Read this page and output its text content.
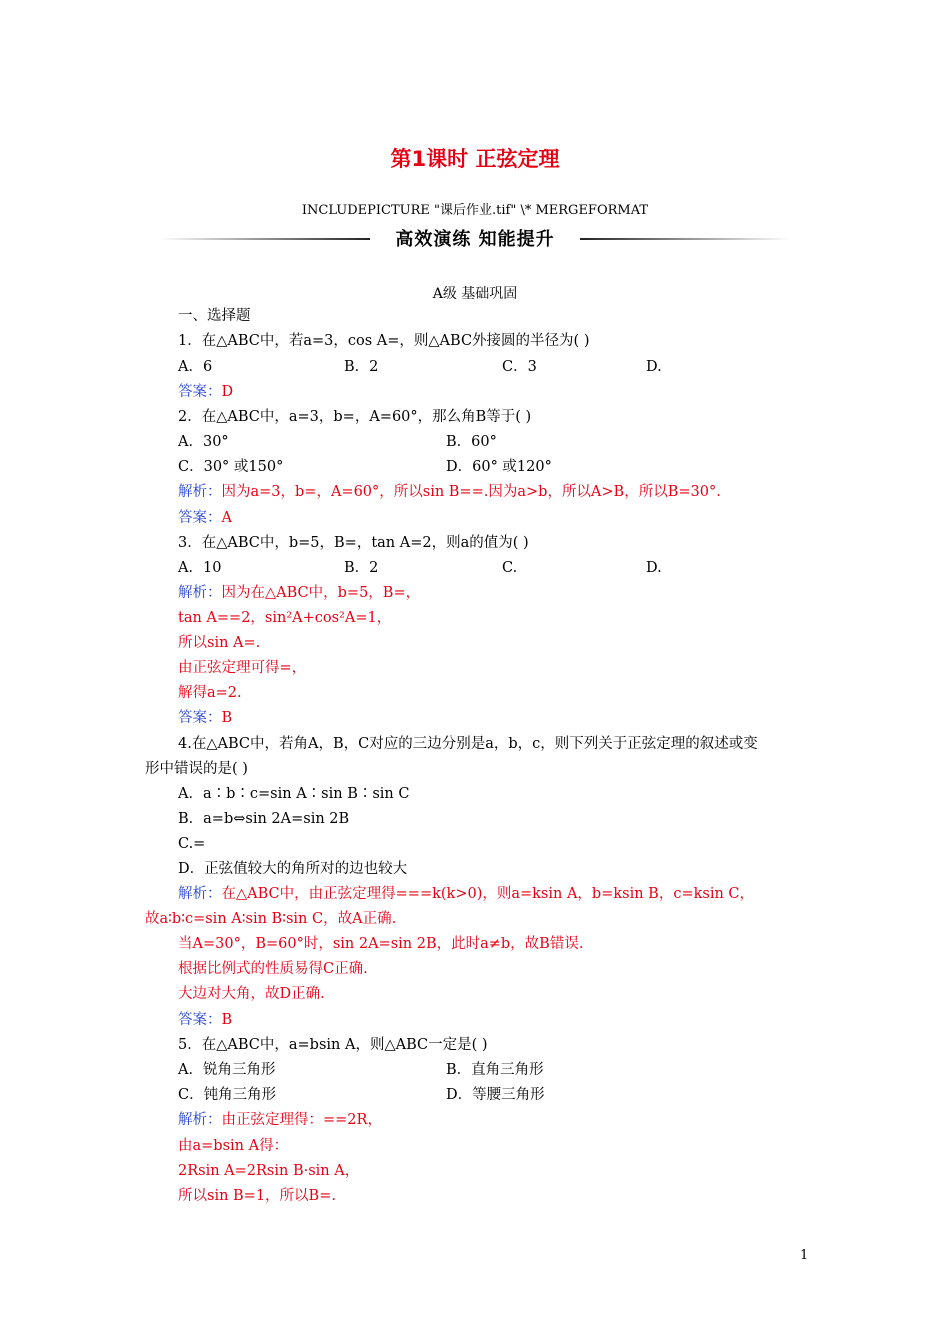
第1课时 正弦定理
INCLUDEPICTURE "课后作业.tif" \* MERGEFORMAT
高效演练 知能提升
A级 基础巩固
一、选择题
1．在△ABC中，若a=3，cos A=，则△ABC外接圆的半径为( )
A．6	B．2	C．3	D.
答案：D
2．在△ABC中，a=3，b=，A=60°，那么角B等于( )
A．30°	B．60°
C．30° 或150°	D．60° 或120°
解析：因为a=3，b=，A=60°，所以sin B==.因为a>b，所以A>B，所以B=30°.
答案：A
3．在△ABC中，b=5，B=，tan A=2，则a的值为( )
A．10	B．2	C.	D.
解析：因为在△ABC中，b=5，B=，
tan A==2，sin²A+cos²A=1，
所以sin A=.
由正弦定理可得=，
解得a=2.
答案：B
4.在△ABC中，若角A，B，C对应的三边分别是a，b，c，则下列关于正弦定理的叙述或变
形中错误的是( )
A．a∶b∶c=sin A∶sin B∶sin C
B．a=b⇔sin 2A=sin 2B
C.=
D．正弦值较大的角所对的边也较大
解析：在△ABC中，由正弦定理得===k(k>0)，则a=ksin A，b=ksin B，c=ksin C，
故a∶b∶c=sin A∶sin B∶sin C，故A正确.
当A=30°，B=60°时，sin 2A=sin 2B，此时a≠b，故B错误.
根据比例式的性质易得C正确.
大边对大角，故D正确.
答案：B
5．在△ABC中，a=bsin A，则△ABC一定是( )
A．锐角三角形	B．直角三角形
C．钝角三角形	D．等腰三角形
解析：由正弦定理得：==2R，
由a=bsin A得：
2Rsin A=2Rsin B·sin A，
所以sin B=1，所以B=.
1
